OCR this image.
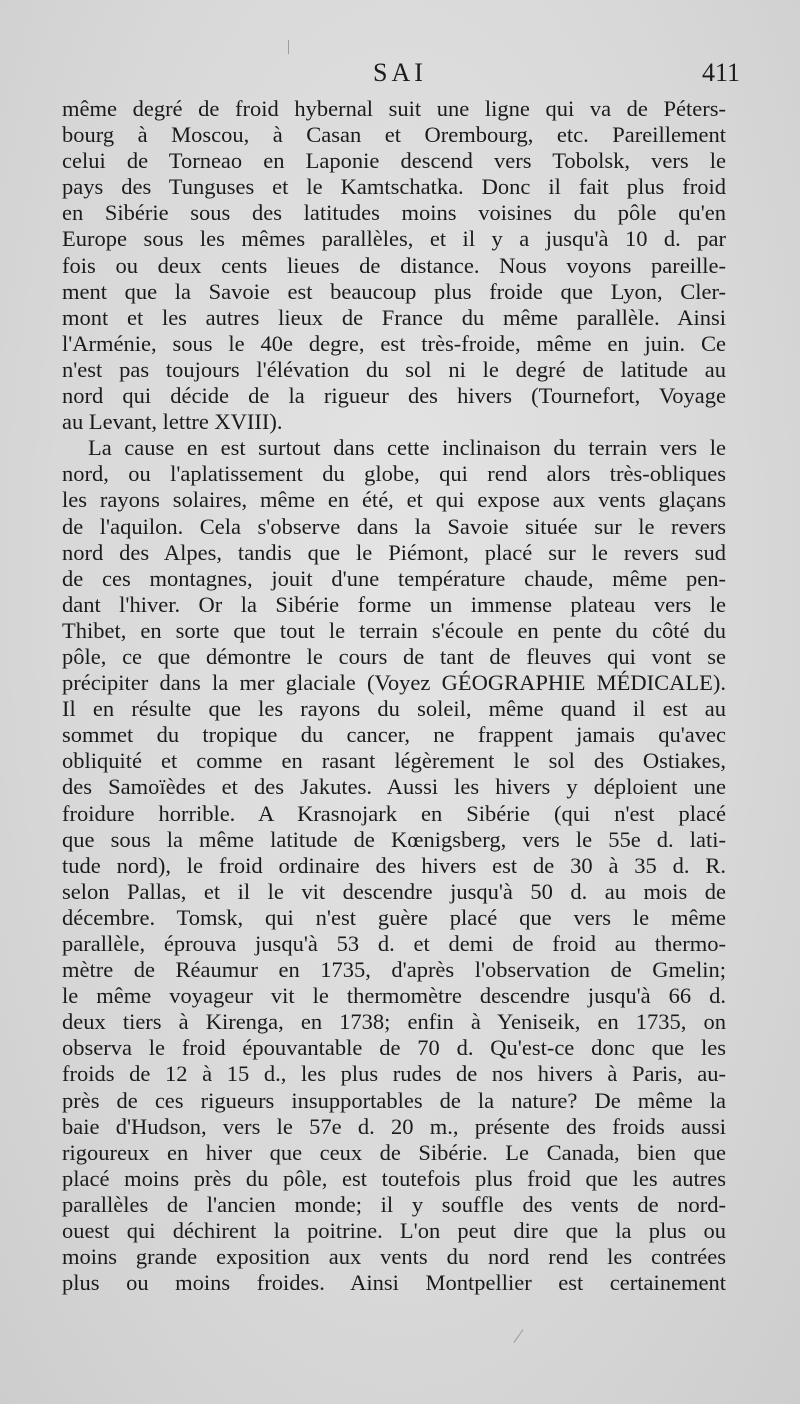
SAI	411
même degré de froid hybernal suit une ligne qui va de Péters-
bourg à Moscou, à Casan et Orembourg, etc. Pareillement
celui de Torneao en Laponie descend vers Tobolsk, vers le
pays des Tunguses et le Kamtschatka. Donc il fait plus froid
en Sibérie sous des latitudes moins voisines du pôle qu'en
Europe sous les mêmes parallèles, et il y a jusqu'à 10 d. par
fois ou deux cents lieues de distance. Nous voyons pareille-
ment que la Savoie est beaucoup plus froide que Lyon, Cler-
mont et les autres lieux de France du même parallèle. Ainsi
l'Arménie, sous le 40e degre, est très-froide, même en juin. Ce
n'est pas toujours l'élévation du sol ni le degré de latitude au
nord qui décide de la rigueur des hivers (Tournefort, Voyage
au Levant, lettre XVIII).
La cause en est surtout dans cette inclinaison du terrain vers le
nord, ou l'aplatissement du globe, qui rend alors très-obliques
les rayons solaires, même en été, et qui expose aux vents glaçans
de l'aquilon. Cela s'observe dans la Savoie située sur le revers
nord des Alpes, tandis que le Piémont, placé sur le revers sud
de ces montagnes, jouit d'une température chaude, même pen-
dant l'hiver. Or la Sibérie forme un immense plateau vers le
Thibet, en sorte que tout le terrain s'écoule en pente du côté du
pôle, ce que démontre le cours de tant de fleuves qui vont se
précipiter dans la mer glaciale (Voyez GÉOGRAPHIE MÉDICALE).
Il en résulte que les rayons du soleil, même quand il est au
sommet du tropique du cancer, ne frappent jamais qu'avec
obliquité et comme en rasant légèrement le sol des Ostiakes,
des Samoïèdes et des Jakutes. Aussi les hivers y déploient une
froidure horrible. A Krasnojark en Sibérie (qui n'est placé
que sous la même latitude de Kœnigsberg, vers le 55e d. lati-
tude nord), le froid ordinaire des hivers est de 30 à 35 d. R.
selon Pallas, et il le vit descendre jusqu'à 50 d. au mois de
décembre. Tomsk, qui n'est guère placé que vers le même
parallèle, éprouva jusqu'à 53 d. et demi de froid au thermo-
mètre de Réaumur en 1735, d'après l'observation de Gmelin;
le même voyageur vit le thermomètre descendre jusqu'à 66 d.
deux tiers à Kirenga, en 1738; enfin à Yeniseik, en 1735, on
observa le froid épouvantable de 70 d. Qu'est-ce donc que les
froids de 12 à 15 d., les plus rudes de nos hivers à Paris, au-
près de ces rigueurs insupportables de la nature? De même la
baie d'Hudson, vers le 57e d. 20 m., présente des froids aussi
rigoureux en hiver que ceux de Sibérie. Le Canada, bien que
placé moins près du pôle, est toutefois plus froid que les autres
parallèles de l'ancien monde; il y souffle des vents de nord-
ouest qui déchirent la poitrine. L'on peut dire que la plus ou
moins grande exposition aux vents du nord rend les contrées
plus ou moins froides. Ainsi Montpellier est certainement
